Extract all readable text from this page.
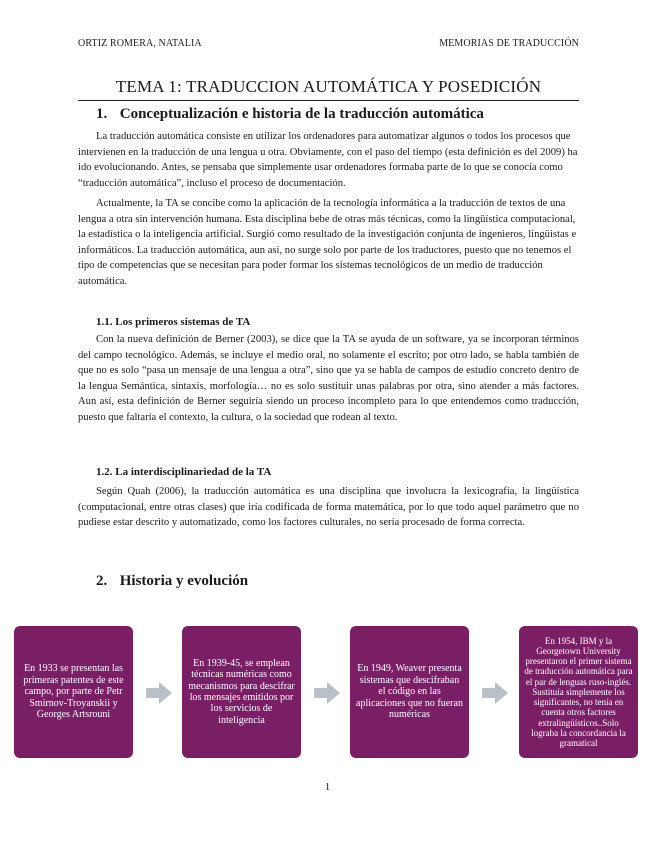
ORTIZ ROMERA, NATALIA	MEMORIAS DE TRADUCCIÓN
TEMA 1: TRADUCCION AUTOMÁTICA Y POSEDICIÓN
1. Conceptualización e historia de la traducción automática

La traducción automática consiste en utilizar los ordenadores para automatizar algunos o todos los procesos que intervienen en la traducción de una lengua u otra. Obviamente, con el paso del tiempo (esta definición es del 2009) ha ido evolucionando. Antes, se pensaba que simplemente usar ordenadores formaba parte de lo que se conocía como “traducción automática”, incluso el proceso de documentación.

Actualmente, la TA se concibe como la aplicación de la tecnología informática a la traducción de textos de una lengua a otra sin intervención humana. Esta disciplina bebe de otras más técnicas, como la lingüística computacional, la estadística o la inteligencia artificial. Surgió como resultado de la investigación conjunta de ingenieros, lingüistas e informáticos. La traducción automática, aun así, no surge solo por parte de los traductores, puesto que no tenemos el tipo de competencias que se necesitan para poder formar los sistemas tecnológicos de un medio de traducción automática.

1.1. Los primeros sistemas de TA

Con la nueva definición de Berner (2003), se dice que la TA se ayuda de un software, ya se incorporan términos del campo tecnológico. Además, se incluye el medio oral, no solamente el escrito; por otro lado, se habla también de que no es solo “pasa un mensaje de una lengua a otra”, sino que ya se habla de campos de estudio concreto dentro de la lengua Semántica, sintaxis, morfología… no es solo sustituir unas palabras por otra, sino atender a más factores. Aun así, esta definición de Berner seguiría siendo un proceso incompleto para lo que entendemos como traducción, puesto que faltaría el contexto, la cultura, o la sociedad que rodean al texto.

1.2. La interdisciplinariedad de la TA

Según Quah (2006), la traducción automática es una disciplina que involucra la lexicografía, la lingüística (computacional, entre otras clases) que iría codificada de forma matemática, por lo que todo aquel parámetro que no pudiese estar descrito y automatizado, como los factores culturales, no sería procesado de forma correcta.

2. Historia y evolución
En 1933 se presentan las primeras patentes de este campo, por parte de Petr Smirnov-Troyanskii y Georges Artsrouni
En 1939-45, se emplean técnicas numéricas como mecanismos para descifrar los mensajes emitidos por los servicios de inteligencia
En 1949, Weaver presenta sistemas que descifraban el código en las aplicaciones que no fueran numéricas
En 1954, IBM y la Georgetown University presentaron el primer sistema de traducción automática para el par de lenguas ruso-inglés. Sustituía simplemente los significantes, no tenía en cuenta otros factores extralingüísticos..Solo lograba la concordancia la gramatical
1
